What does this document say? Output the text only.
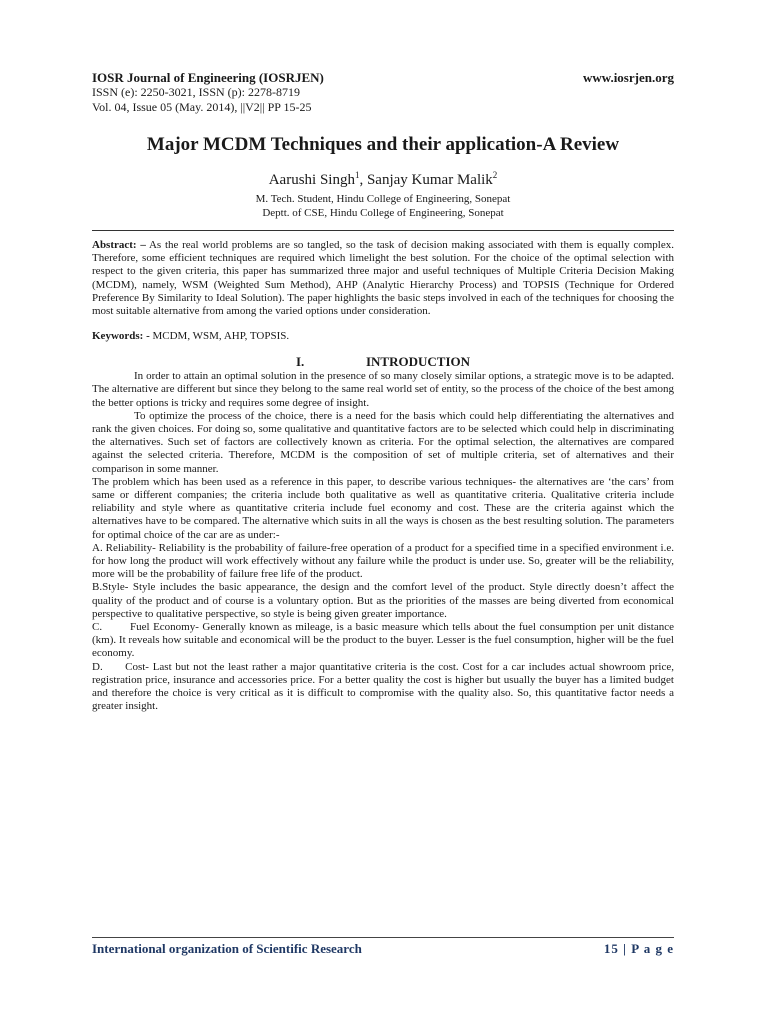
IOSR Journal of Engineering (IOSRJEN)	www.iosrjen.org
ISSN (e): 2250-3021, ISSN (p): 2278-8719
Vol. 04, Issue 05 (May. 2014), ||V2|| PP 15-25
Major MCDM Techniques and their application-A Review
Aarushi Singh$^1$, Sanjay Kumar Malik$^2$
M. Tech. Student, Hindu College of Engineering, Sonepat
Deptt. of CSE, Hindu College of Engineering, Sonepat
Abstract: – As the real world problems are so tangled, so the task of decision making associated with them is equally complex. Therefore, some efficient techniques are required which limelight the best solution. For the choice of the optimal selection with respect to the given criteria, this paper has summarized three major and useful techniques of Multiple Criteria Decision Making (MCDM), namely, WSM (Weighted Sum Method), AHP (Analytic Hierarchy Process) and TOPSIS (Technique for Ordered Preference By Similarity to Ideal Solution). The paper highlights the basic steps involved in each of the techniques for choosing the most suitable alternative from among the varied options under consideration.
Keywords: - MCDM, WSM, AHP, TOPSIS.
I.	INTRODUCTION

In order to attain an optimal solution in the presence of so many closely similar options, a strategic move is to be adapted. The alternative are different but since they belong to the same real world set of entity, so the process of the choice of the best among the better options is tricky and requires some degree of insight.

To optimize the process of the choice, there is a need for the basis which could help differentiating the alternatives and rank the given choices. For doing so, some qualitative and quantitative factors are to be selected which could help in discriminating the alternatives. Such set of factors are collectively known as criteria. For the optimal selection, the alternatives are compared against the selected criteria. Therefore, MCDM is the composition of set of multiple criteria, set of alternatives and their comparison in some manner.

The problem which has been used as a reference in this paper, to describe various techniques- the alternatives are ‘the cars’ from same or different companies; the criteria include both qualitative as well as quantitative criteria. Qualitative criteria include reliability and style where as quantitative criteria include fuel economy and cost. These are the criteria against which the alternatives have to be compared. The alternative which suits in all the ways is chosen as the best resulting solution. The parameters for optimal choice of the car are as under:-

A. Reliability- Reliability is the probability of failure-free operation of a product for a specified time in a specified environment i.e. for how long the product will work effectively without any failure while the product is under use. So, greater will be the reliability, more will be the probability of failure free life of the product.

B.Style- Style includes the basic appearance, the design and the comfort level of the product. Style directly doesn’t affect the quality of the product and of course is a voluntary option. But as the priorities of the masses are being diverted from economical perspective to qualitative perspective, so style is being given greater importance.

C.        Fuel Economy- Generally known as mileage, is a basic measure which tells about the fuel consumption per unit distance (km). It reveals how suitable and economical will be the product to the buyer. Lesser is the fuel consumption, higher will be the fuel economy.

D.      Cost- Last but not the least rather a major quantitative criteria is the cost. Cost for a car includes actual showroom price, registration price, insurance and accessories price. For a better quality the cost is higher but usually the buyer has a limited budget and therefore the choice is very critical as it is difficult to compromise with the quality also. So, this quantitative factor needs a greater insight.

International organization of Scientific Research	15 | P a g e
